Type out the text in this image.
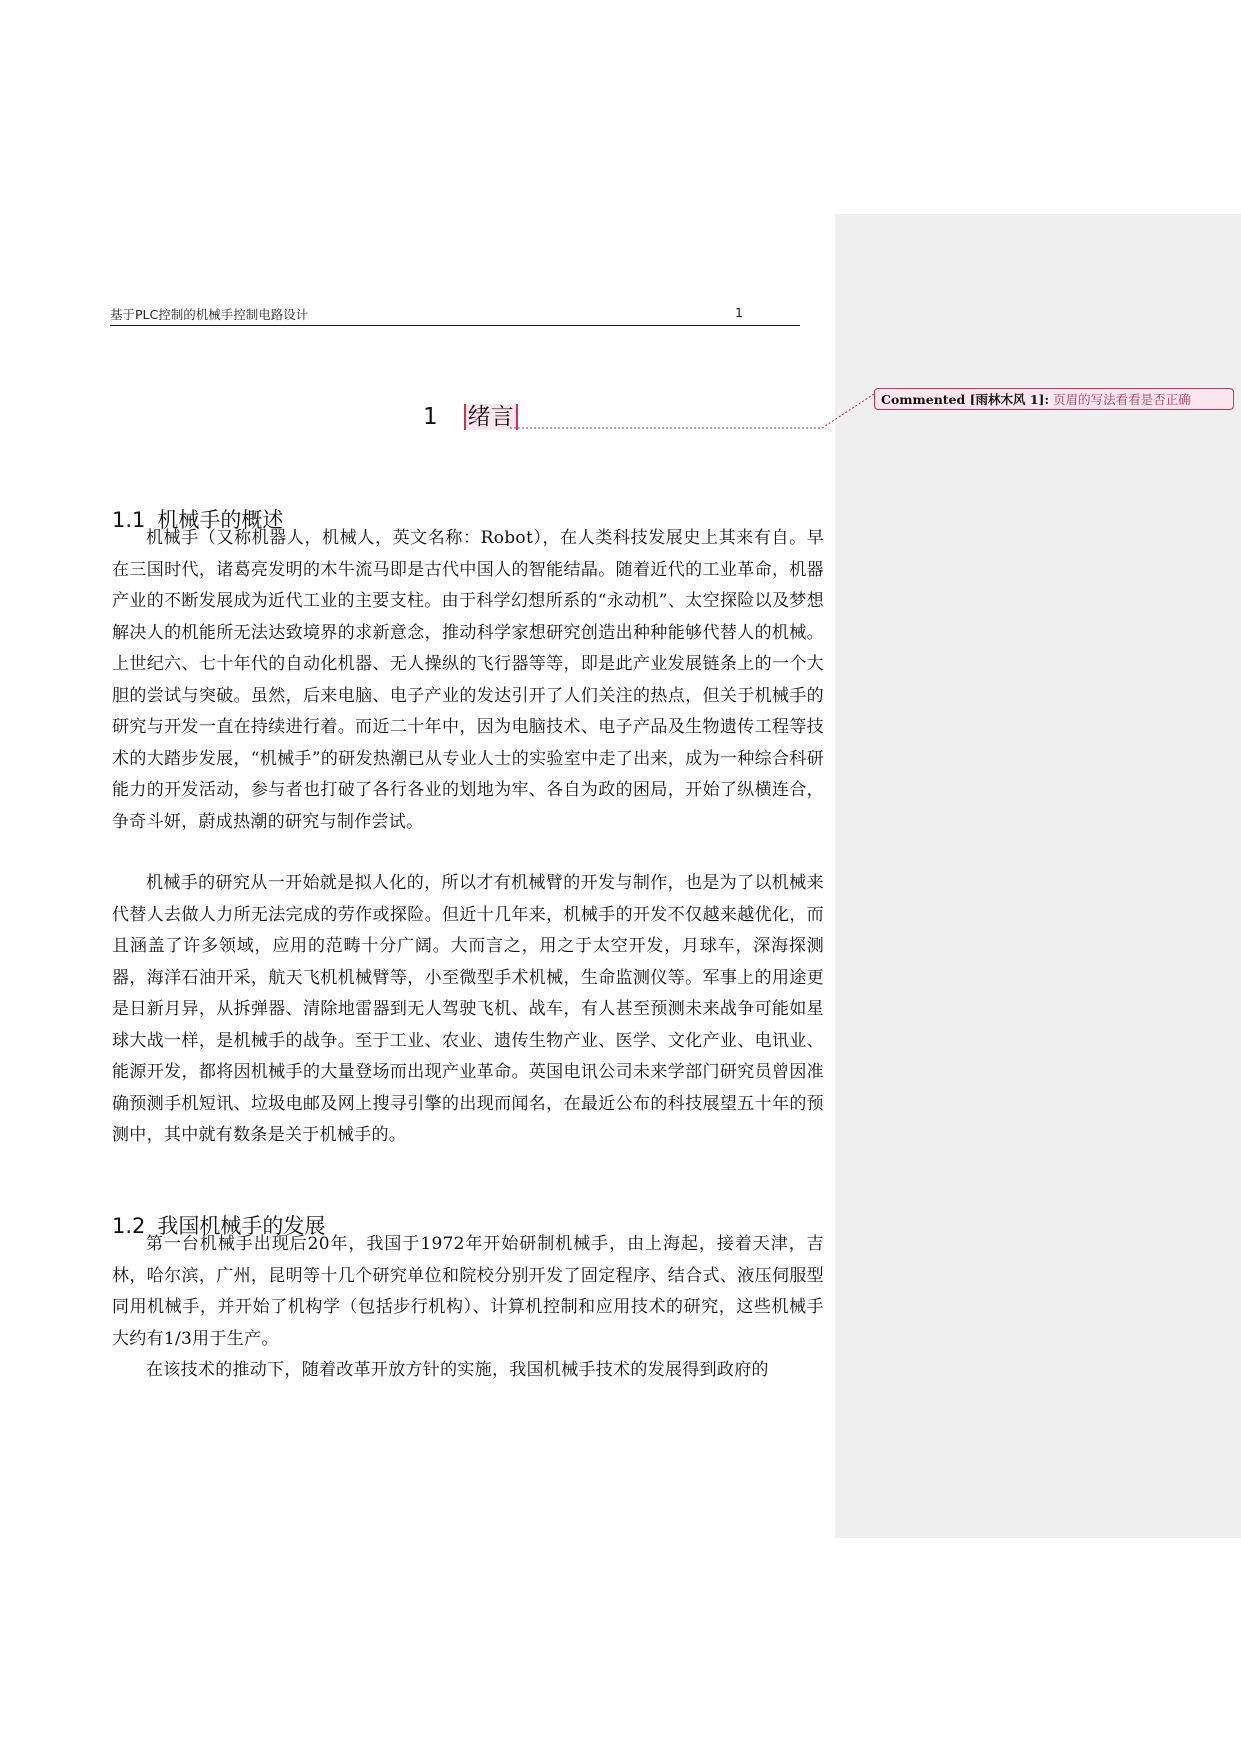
基于PLC控制的机械手控制电路设计	1
1 绪言
Commented [雨林木风 1]: 页眉的写法看看是否正确
1.1 机械手的概述

机械手（又称机器人，机械人，英文名称：Robot），在人类科技发展史上其来有自。早在三国时代，诸葛亮发明的木牛流马即是古代中国人的智能结晶。随着近代的工业革命，机器产业的不断发展成为近代工业的主要支柱。由于科学幻想所系的“永动机”、太空探险以及梦想解决人的机能所无法达致境界的求新意念，推动科学家想研究创造出种种能够代替人的机械。上世纪六、七十年代的自动化机器、无人操纵的飞行器等等，即是此产业发展链条上的一个大胆的尝试与突破。虽然，后来电脑、电子产业的发达引开了人们关注的热点，但关于机械手的研究与开发一直在持续进行着。而近二十年中，因为电脑技术、电子产品及生物遗传工程等技术的大踏步发展，“机械手”的研发热潮已从专业人士的实验室中走了出来，成为一种综合科研能力的开发活动，参与者也打破了各行各业的划地为牢、各自为政的困局，开始了纵横连合，争奇斗妍，蔚成热潮的研究与制作尝试。

机械手的研究从一开始就是拟人化的，所以才有机械臂的开发与制作，也是为了以机械来代替人去做人力所无法完成的劳作或探险。但近十几年来，机械手的开发不仅越来越优化，而且涵盖了许多领域，应用的范畴十分广阔。大而言之，用之于太空开发，月球车，深海探测器，海洋石油开采，航天飞机机械臂等，小至微型手术机械，生命监测仪等。军事上的用途更是日新月异，从拆弹器、清除地雷器到无人驾驶飞机、战车，有人甚至预测未来战争可能如星球大战一样，是机械手的战争。至于工业、农业、遗传生物产业、医学、文化产业、电讯业、能源开发，都将因机械手的大量登场而出现产业革命。英国电讯公司未来学部门研究员曾因准确预测手机短讯、垃圾电邮及网上搜寻引擎的出现而闻名，在最近公布的科技展望五十年的预测中，其中就有数条是关于机械手的。

1.2 我国机械手的发展

第一台机械手出现后20年，我国于1972年开始研制机械手，由上海起，接着天津，吉林，哈尔滨，广州，昆明等十几个研究单位和院校分别开发了固定程序、结合式、液压伺服型同用机械手，并开始了机构学（包括步行机构）、计算机控制和应用技术的研究，这些机械手大约有1/3用于生产。

在该技术的推动下，随着改革开放方针的实施，我国机械手技术的发展得到政府的
